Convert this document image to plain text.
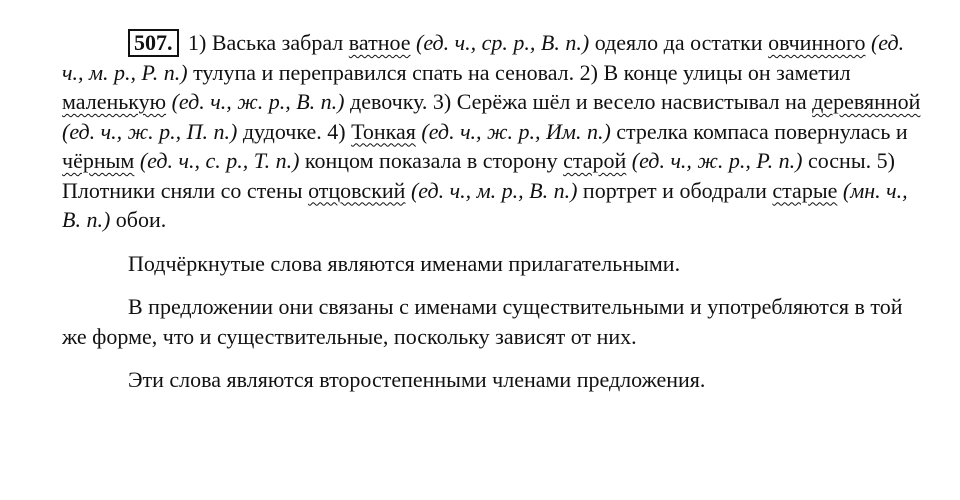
507. 1) Васька забрал ватное (ед. ч., ср. р., В. п.) одеяло да остатки овчинного (ед. ч., м. р., Р. п.) тулупа и переправился спать на сеновал. 2) В конце улицы он заметил маленькую (ед. ч., ж. р., В. п.) девочку. 3) Серёжа шёл и весело насвистывал на деревянной (ед. ч., ж. р., П. п.) дудочке. 4) Тонкая (ед. ч., ж. р., Им. п.) стрелка компаса повернулась и чёрным (ед. ч., с. р., Т. п.) концом показала в сторону старой (ед. ч., ж. р., Р. п.) сосны. 5) Плотники сняли со стены отцовский (ед. ч., м. р., В. п.) портрет и ободрали старые (мн. ч., В. п.) обои.

Подчёркнутые слова являются именами прилагательными.

В предложении они связаны с именами существительными и употребляются в той же форме, что и существительные, поскольку зависят от них.

Эти слова являются второстепенными членами предложения.
